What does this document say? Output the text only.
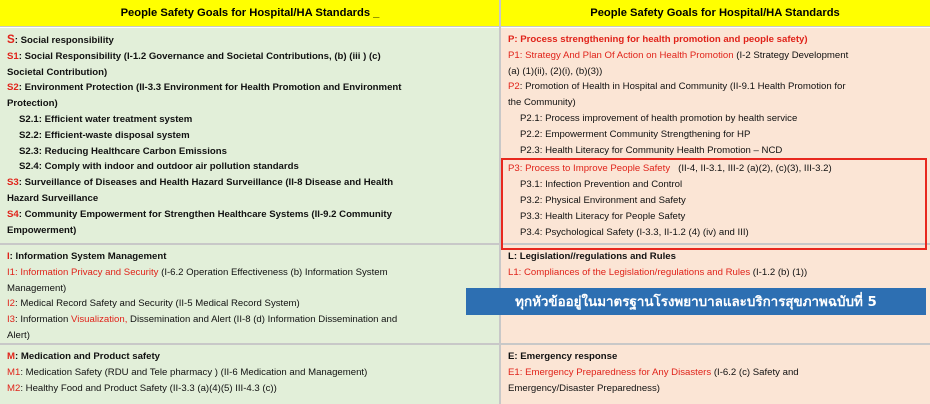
People Safety Goals for Hospital/HA Standards _	People Safety Goals for Hospital/HA Standards
S: Social responsibility
S1: Social Responsibility (I-1.2 Governance and Societal Contributions, (b) (iii ) (c)
Societal Contribution)
S2: Environment Protection (II-3.3 Environment for Health Promotion and Environment
Protection)
S2.1: Efficient water treatment system
S2.2: Efficient-waste disposal system
S2.3: Reducing Healthcare Carbon Emissions
S2.4: Comply with indoor and outdoor air pollution standards
S3: Surveillance of Diseases and Health Hazard Surveillance (II-8 Disease and Health
Hazard Surveillance
S4: Community Empowerment for Strengthen Healthcare Systems (II-9.2 Community
Empowerment)
P: Process strengthening for health promotion and people safety)
P1: Strategy And Plan Of Action on Health Promotion (I-2 Strategy Development
(a) (1)(ii), (2)(i), (b)(3))
P2: Promotion of Health in Hospital and Community (II-9.1 Health Promotion for
the Community)
P2.1: Process improvement of health promotion by health service
P2.2: Empowerment Community Strengthening for HP
P2.3: Health Literacy for Community Health Promotion – NCD
P3: Process to Improve People Safety (II-4, II-3.1, III-2 (a)(2), (c)(3), III-3.2)
P3.1: Infection Prevention and Control
P3.2: Physical Environment and Safety
P3.3: Health Literacy for People Safety
P3.4: Psychological Safety (I-3.3, II-1.2 (4) (iv) and III)
I: Information System Management
I1: Information Privacy and Security (I-6.2 Operation Effectiveness (b) Information System
Management)
I2: Medical Record Safety and Security (II-5 Medical Record System)
I3: Information Visualization, Dissemination and Alert (II-8 (d) Information Dissemination and
Alert)
L: Legislation//regulations and Rules
L1: Compliances of the Legislation/regulations and Rules (I-1.2 (b) (1))
M: Medication and Product safety
M1: Medication Safety (RDU and Tele pharmacy ) (II-6 Medication and Management)
M2: Healthy Food and Product Safety (II-3.3 (a)(4)(5) III-4.3 (c))
E: Emergency response
E1: Emergency Preparedness for Any Disasters (I-6.2 (c) Safety and
Emergency/Disaster Preparedness)
ทุกหัวข้ออยู่ในมาตรฐานโรงพยาบาลและบริการสุขภาพฉบับที่ 5
